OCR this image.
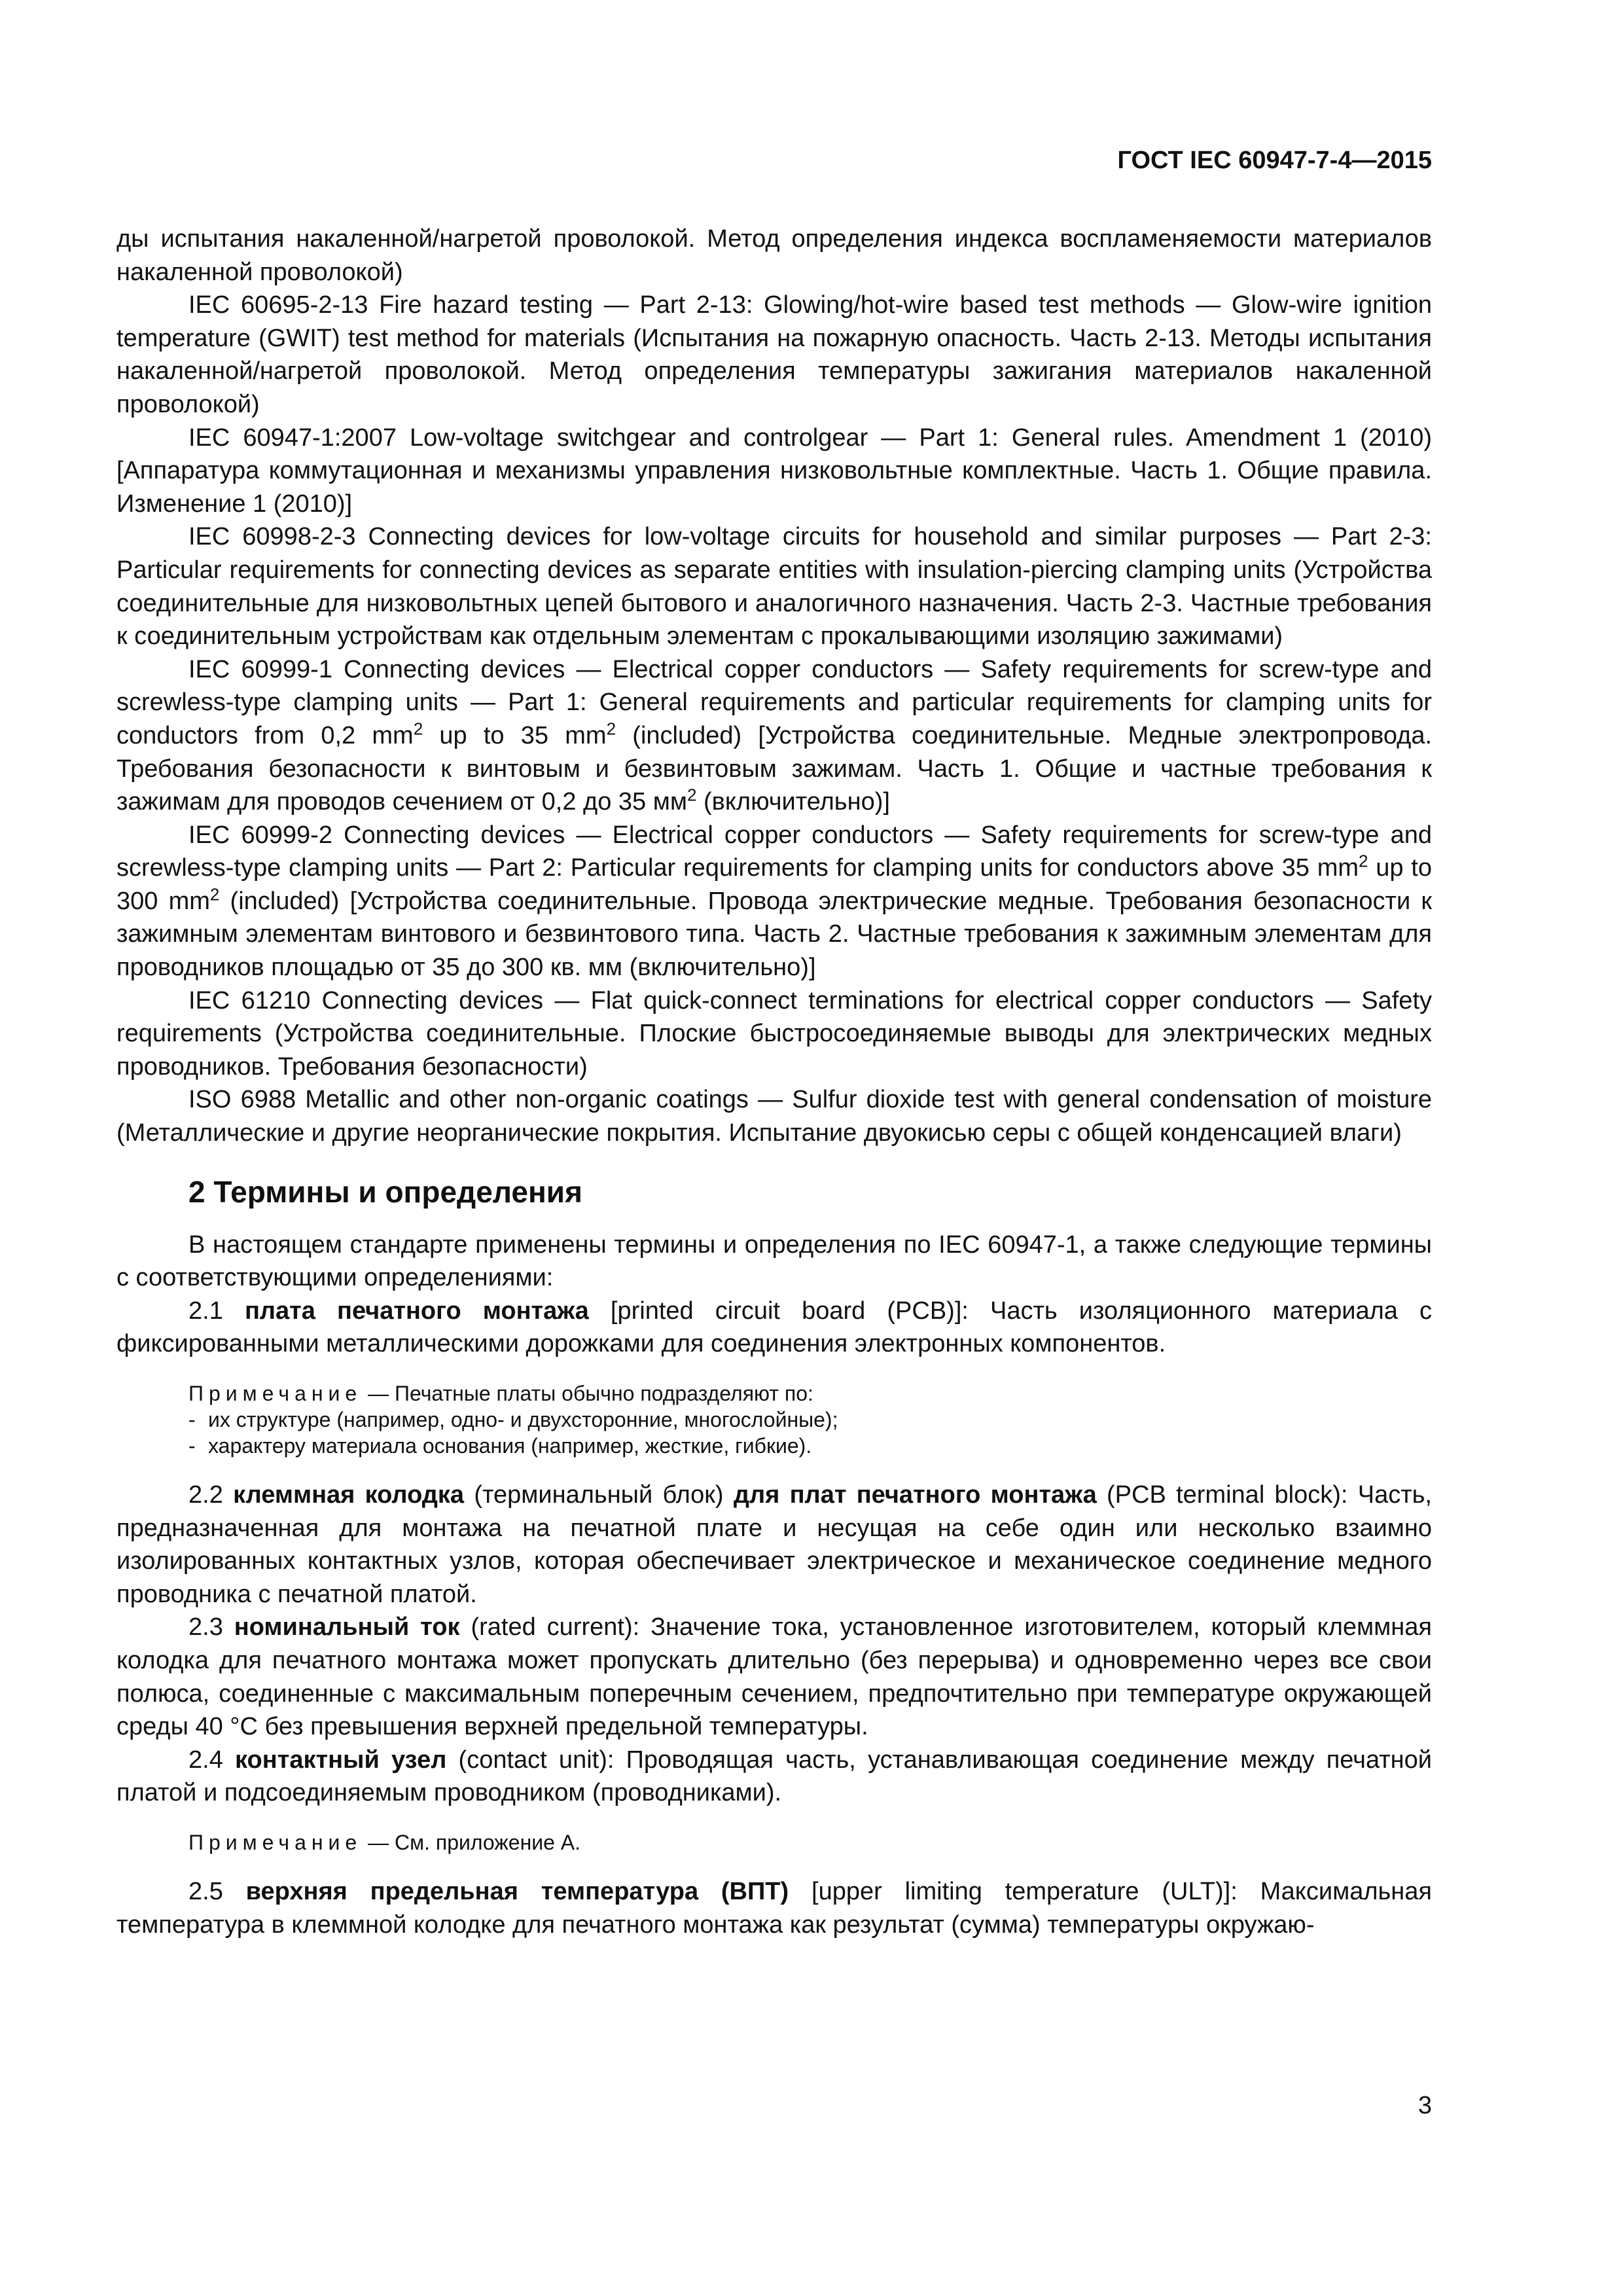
ГОСТ IEC 60947-7-4—2015

ды испытания накаленной/нагретой проволокой. Метод определения индекса воспламеняемости материалов накаленной проволокой)

IEC 60695-2-13 Fire hazard testing — Part 2-13: Glowing/hot-wire based test methods — Glow-wire ignition temperature (GWIT) test method for materials (Испытания на пожарную опасность. Часть 2-13. Методы испытания накаленной/нагретой проволокой. Метод определения температуры зажигания материалов накаленной проволокой)

IEC 60947-1:2007 Low-voltage switchgear and controlgear — Part 1: General rules. Amendment 1 (2010) [Аппаратура коммутационная и механизмы управления низковольтные комплектные. Часть 1. Общие правила. Изменение 1 (2010)]

IEC 60998-2-3 Connecting devices for low-voltage circuits for household and similar purposes — Part 2-3: Particular requirements for connecting devices as separate entities with insulation-piercing clamping units (Устройства соединительные для низковольтных цепей бытового и аналогичного назначения. Часть 2-3. Частные требования к соединительным устройствам как отдельным элементам с прокалывающими изоляцию зажимами)

IEC 60999-1 Connecting devices — Electrical copper conductors — Safety requirements for screw-type and screwless-type clamping units — Part 1: General requirements and particular requirements for clamping units for conductors from 0,2 $mm^2$ up to 35 $mm^2$ (included) [Устройства соединительные. Медные электропровода. Требования безопасности к винтовым и безвинтовым зажимам. Часть 1. Общие и частные требования к зажимам для проводов сечением от 0,2 до 35 $мм^2$ (включительно)]

IEC 60999-2 Connecting devices — Electrical copper conductors — Safety requirements for screw-type and screwless-type clamping units — Part 2: Particular requirements for clamping units for conductors above 35 $mm^2$ up to 300 $mm^2$ (included) [Устройства соединительные. Провода электрические медные. Требования безопасности к зажимным элементам винтового и безвинтового типа. Часть 2. Частные требования к зажимным элементам для проводников площадью от 35 до 300 кв. мм (включительно)]

IEC 61210 Connecting devices — Flat quick-connect terminations for electrical copper conductors — Safety requirements (Устройства соединительные. Плоские быстросоединяемые выводы для электрических медных проводников. Требования безопасности)

ISO 6988 Metallic and other non-organic coatings — Sulfur dioxide test with general condensation of moisture (Металлические и другие неорганические покрытия. Испытание двуокисью серы с общей конденсацией влаги)

2 Термины и определения

В настоящем стандарте применены термины и определения по IEC 60947-1, а также следующие термины с соответствующими определениями:

2.1 плата печатного монтажа [printed circuit board (PCB)]: Часть изоляционного материала с фиксированными металлическими дорожками для соединения электронных компонентов.

Примечание — Печатные платы обычно подразделяют по:
- их структуре (например, одно- и двухсторонние, многослойные);
- характеру материала основания (например, жесткие, гибкие).

2.2 клеммная колодка (терминальный блок) для плат печатного монтажа (PCB terminal block): Часть, предназначенная для монтажа на печатной плате и несущая на себе один или несколько взаимно изолированных контактных узлов, которая обеспечивает электрическое и механическое соединение медного проводника с печатной платой.

2.3 номинальный ток (rated current): Значение тока, установленное изготовителем, который клеммная колодка для печатного монтажа может пропускать длительно (без перерыва) и одновременно через все свои полюса, соединенные с максимальным поперечным сечением, предпочтительно при температуре окружающей среды 40 °С без превышения верхней предельной температуры.

2.4 контактный узел (contact unit): Проводящая часть, устанавливающая соединение между печатной платой и подсоединяемым проводником (проводниками).

Примечание — См. приложение А.

2.5 верхняя предельная температура (ВПТ) [upper limiting temperature (ULT)]: Максимальная температура в клеммной колодке для печатного монтажа как результат (сумма) температуры окружаю-

3
